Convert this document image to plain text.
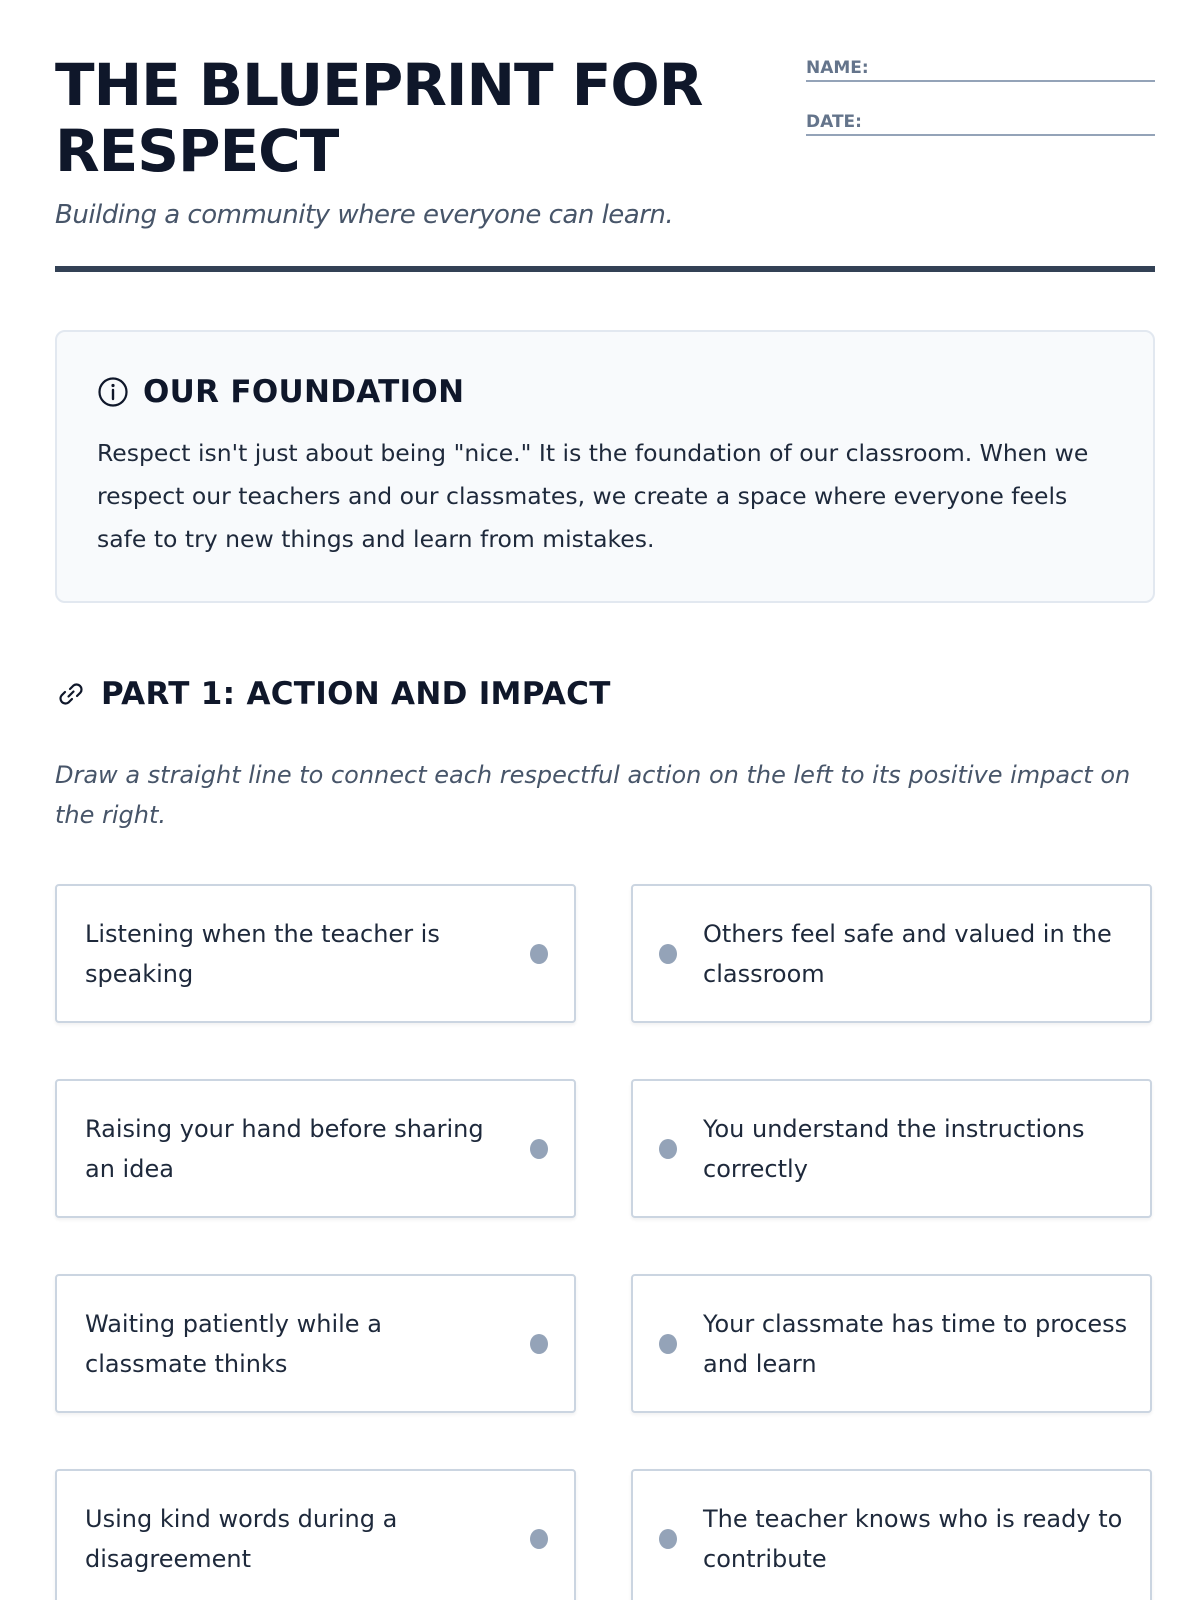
THE BLUEPRINT FOR RESPECT
Building a community where everyone can learn.
NAME:
DATE:
OUR FOUNDATION

Respect isn't just about being "nice." It is the foundation of our classroom. When we respect our teachers and our classmates, we create a space where everyone feels safe to try new things and learn from mistakes.

PART 1: ACTION AND IMPACT

Draw a straight line to connect each respectful action on the left to its positive impact on the right.

Listening when the teacher is speaking
Others feel safe and valued in the classroom
Raising your hand before sharing an idea
You understand the instructions correctly
Waiting patiently while a classmate thinks
Your classmate has time to process and learn
Using kind words during a disagreement
The teacher knows who is ready to contribute
